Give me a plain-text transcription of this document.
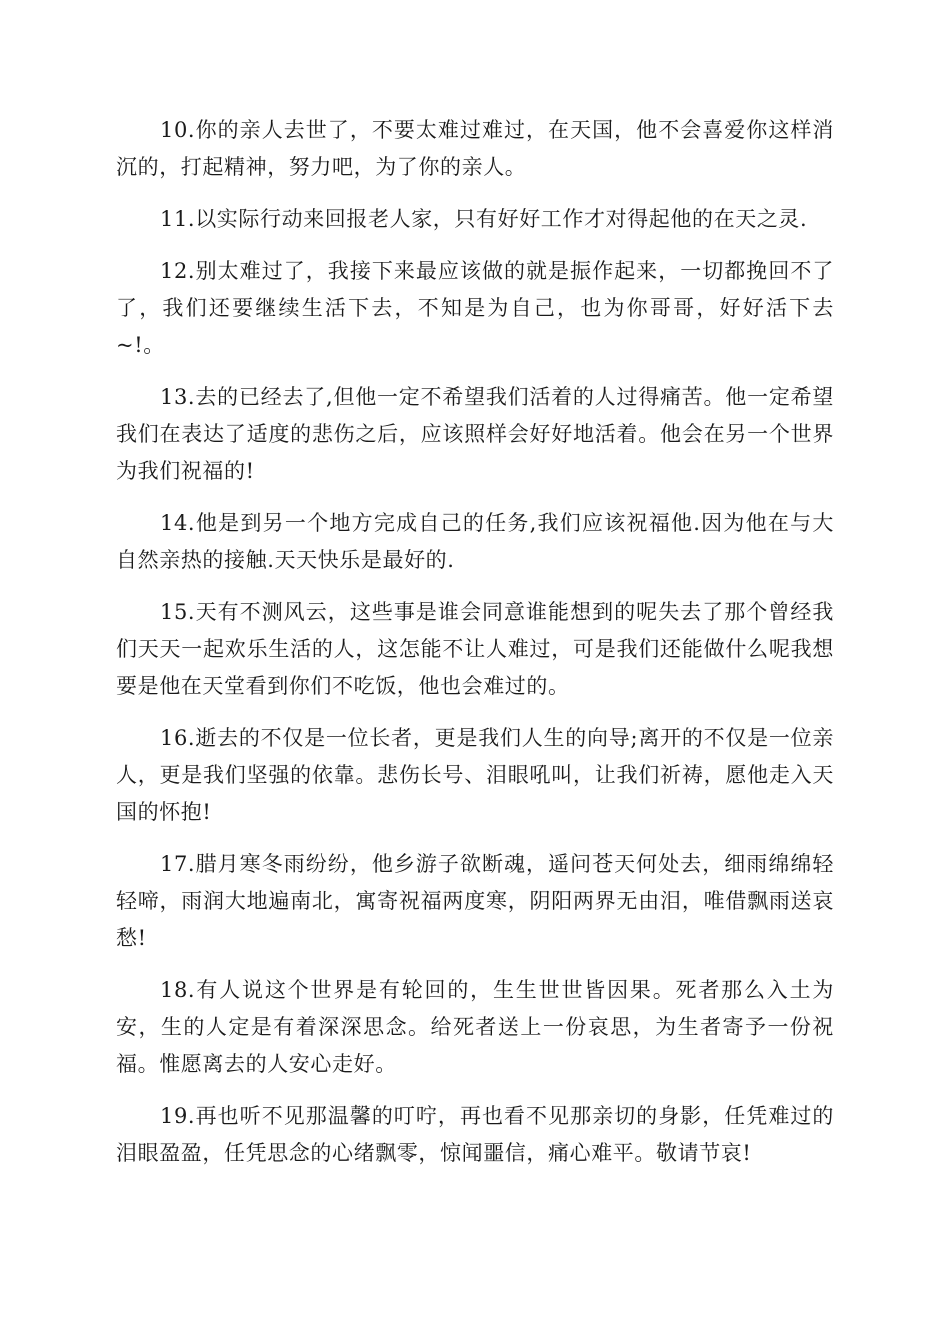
10.你的亲人去世了，不要太难过难过，在天国，他不会喜爱你这样消沉的，打起精神，努力吧，为了你的亲人。

11.以实际行动来回报老人家，只有好好工作才对得起他的在天之灵.

12.别太难过了，我接下来最应该做的就是振作起来，一切都挽回不了了，我们还要继续生活下去，不知是为自己，也为你哥哥，好好活下去~!。

13.去的已经去了,但他一定不希望我们活着的人过得痛苦。他一定希望我们在表达了适度的悲伤之后，应该照样会好好地活着。他会在另一个世界为我们祝福的!

14.他是到另一个地方完成自己的任务,我们应该祝福他.因为他在与大自然亲热的接触.天天快乐是最好的.

15.天有不测风云，这些事是谁会同意谁能想到的呢失去了那个曾经我们天天一起欢乐生活的人，这怎能不让人难过，可是我们还能做什么呢我想要是他在天堂看到你们不吃饭，他也会难过的。

16.逝去的不仅是一位长者，更是我们人生的向导;离开的不仅是一位亲人，更是我们坚强的依靠。悲伤长号、泪眼吼叫，让我们祈祷，愿他走入天国的怀抱!

17.腊月寒冬雨纷纷，他乡游子欲断魂，遥问苍天何处去，细雨绵绵轻轻啼，雨润大地遍南北，寓寄祝福两度寒，阴阳两界无由泪，唯借飘雨送哀愁!

18.有人说这个世界是有轮回的，生生世世皆因果。死者那么入土为安，生的人定是有着深深思念。给死者送上一份哀思，为生者寄予一份祝福。惟愿离去的人安心走好。

19.再也听不见那温馨的叮咛，再也看不见那亲切的身影，任凭难过的泪眼盈盈，任凭思念的心绪飘零，惊闻噩信，痛心难平。敬请节哀!
